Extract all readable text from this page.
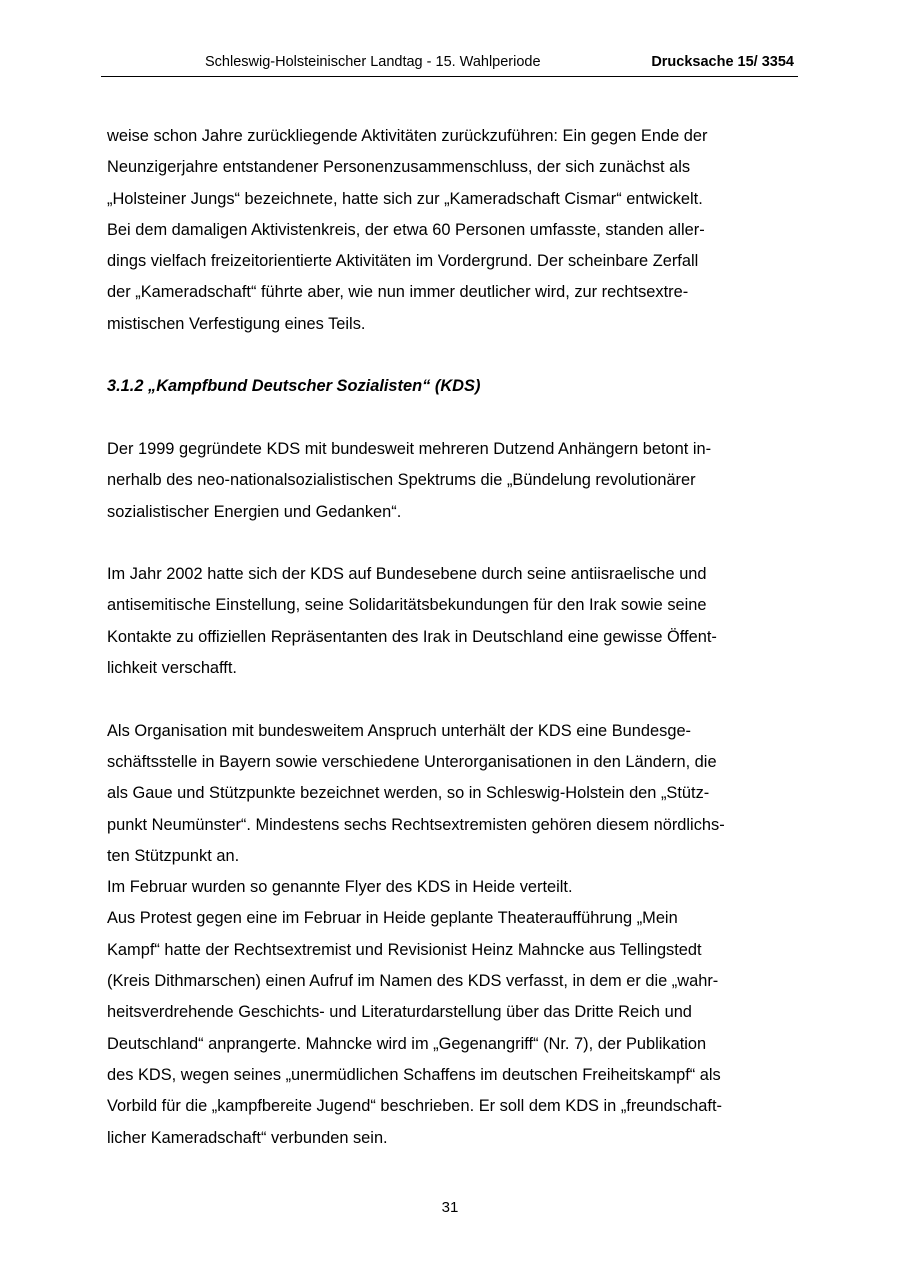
Schleswig-Holsteinischer Landtag - 15. Wahlperiode	Drucksache 15/ 3354
weise schon Jahre zurückliegende Aktivitäten zurückzuführen: Ein gegen Ende der
Neunzigerjahre entstandener Personenzusammenschluss, der sich zunächst als
„Holsteiner Jungs“ bezeichnete, hatte sich zur „Kameradschaft Cismar“ entwickelt.
Bei dem damaligen Aktivistenkreis, der etwa 60 Personen umfasste, standen aller-
dings vielfach freizeitorientierte Aktivitäten im Vordergrund. Der scheinbare Zerfall
der „Kameradschaft“ führte aber, wie nun immer deutlicher wird, zur rechtsextre-
mistischen Verfestigung eines Teils.
3.1.2 „Kampfbund Deutscher Sozialisten“ (KDS)
Der 1999 gegründete KDS mit bundesweit mehreren Dutzend Anhängern betont in-
nerhalb des neo-nationalsozialistischen Spektrums die „Bündelung revolutionärer
sozialistischer Energien und Gedanken“.
Im Jahr 2002 hatte sich der KDS auf Bundesebene durch seine antiisraelische und
antisemitische Einstellung, seine Solidaritätsbekundungen für den Irak sowie seine
Kontakte zu offiziellen Repräsentanten des Irak in Deutschland eine gewisse Öffent-
lichkeit verschafft.
Als Organisation mit bundesweitem Anspruch unterhält der KDS eine Bundesge-
schäftsstelle in Bayern sowie verschiedene Unterorganisationen in den Ländern, die
als Gaue und Stützpunkte bezeichnet werden, so in Schleswig-Holstein den „Stütz-
punkt Neumünster“. Mindestens sechs Rechtsextremisten gehören diesem nördlichs-
ten Stützpunkt an.
Im Februar wurden so genannte Flyer des KDS in Heide verteilt.
Aus Protest gegen eine im Februar in Heide geplante Theateraufführung „Mein
Kampf“ hatte der Rechtsextremist und Revisionist Heinz Mahncke aus Tellingstedt
(Kreis Dithmarschen) einen Aufruf im Namen des KDS verfasst, in dem er die „wahr-
heitsverdrehende Geschichts- und Literaturdarstellung über das Dritte Reich und
Deutschland“ anprangerte. Mahncke wird im „Gegenangriff“ (Nr. 7), der Publikation
des KDS, wegen seines „unermüdlichen Schaffens im deutschen Freiheitskampf“ als
Vorbild für die „kampfbereite Jugend“ beschrieben. Er soll dem KDS in „freundschaft-
licher Kameradschaft“ verbunden sein.
31
